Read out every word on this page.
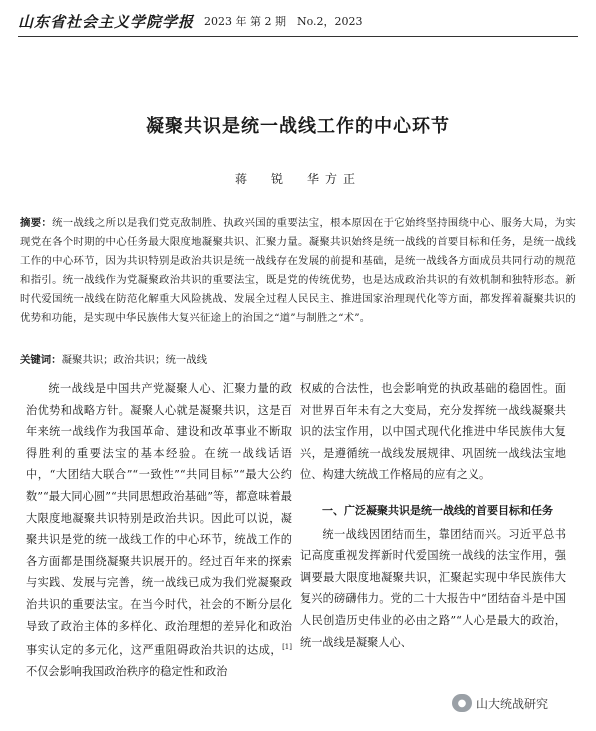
山东省社会主义学院学报 2023 年 第 2 期　No.2，2023
凝聚共识是统一战线工作的中心环节
蒋　锐　华方正
摘要：统一战线之所以是我们党克敌制胜、执政兴国的重要法宝，根本原因在于它始终坚持围绕中心、服务大局，为实现党在各个时期的中心任务最大限度地凝聚共识、汇聚力量。凝聚共识始终是统一战线的首要目标和任务，是统一战线工作的中心环节，因为共识特别是政治共识是统一战线存在发展的前提和基础，是统一战线各方面成员共同行动的规范和指引。统一战线作为党凝聚政治共识的重要法宝，既是党的传统优势，也是达成政治共识的有效机制和独特形态。新时代爱国统一战线在防范化解重大风险挑战、发展全过程人民民主、推进国家治理现代化等方面，都发挥着凝聚共识的优势和功能，是实现中华民族伟大复兴征途上的治国之“道”与制胜之“术”。
关键词：凝聚共识；政治共识；统一战线

统一战线是中国共产党凝聚人心、汇聚力量的政治优势和战略方针。凝聚人心就是凝聚共识，这是百年来统一战线作为我国革命、建设和改革事业不断取得胜利的重要法宝的基本经验。在统一战线话语中，“大团结大联合”“一致性”“共同目标”“最大公约数”“最大同心圆”“共同思想政治基础”等，都意味着最大限度地凝聚共识特别是政治共识。因此可以说，凝聚共识是党的统一战线工作的中心环节，统战工作的各方面都是围绕凝聚共识展开的。经过百年来的探索与实践、发展与完善，统一战线已成为我们党凝聚政治共识的重要法宝。在当今时代，社会的不断分层化导致了政治主体的多样化、政治理想的差异化和政治事实认定的多元化，这严重阻碍政治共识的达成，[1]不仅会影响我国政治秩序的稳定性和政治

权威的合法性，也会影响党的执政基础的稳固性。面对世界百年未有之大变局，充分发挥统一战线凝聚共识的法宝作用，以中国式现代化推进中华民族伟大复兴，是遵循统一战线发展规律、巩固统一战线法宝地位、构建大统战工作格局的应有之义。

一、广泛凝聚共识是统一战线的首要目标和任务

统一战线因团结而生，靠团结而兴。习近平总书记高度重视发挥新时代爱国统一战线的法宝作用，强调要最大限度地凝聚共识，汇聚起实现中华民族伟大复兴的磅礴伟力。党的二十大报告中“团结奋斗是中国人民创造历史伟业的必由之路”“人心是最大的政治，统一战线是凝聚人心、

● 山大统战研究
